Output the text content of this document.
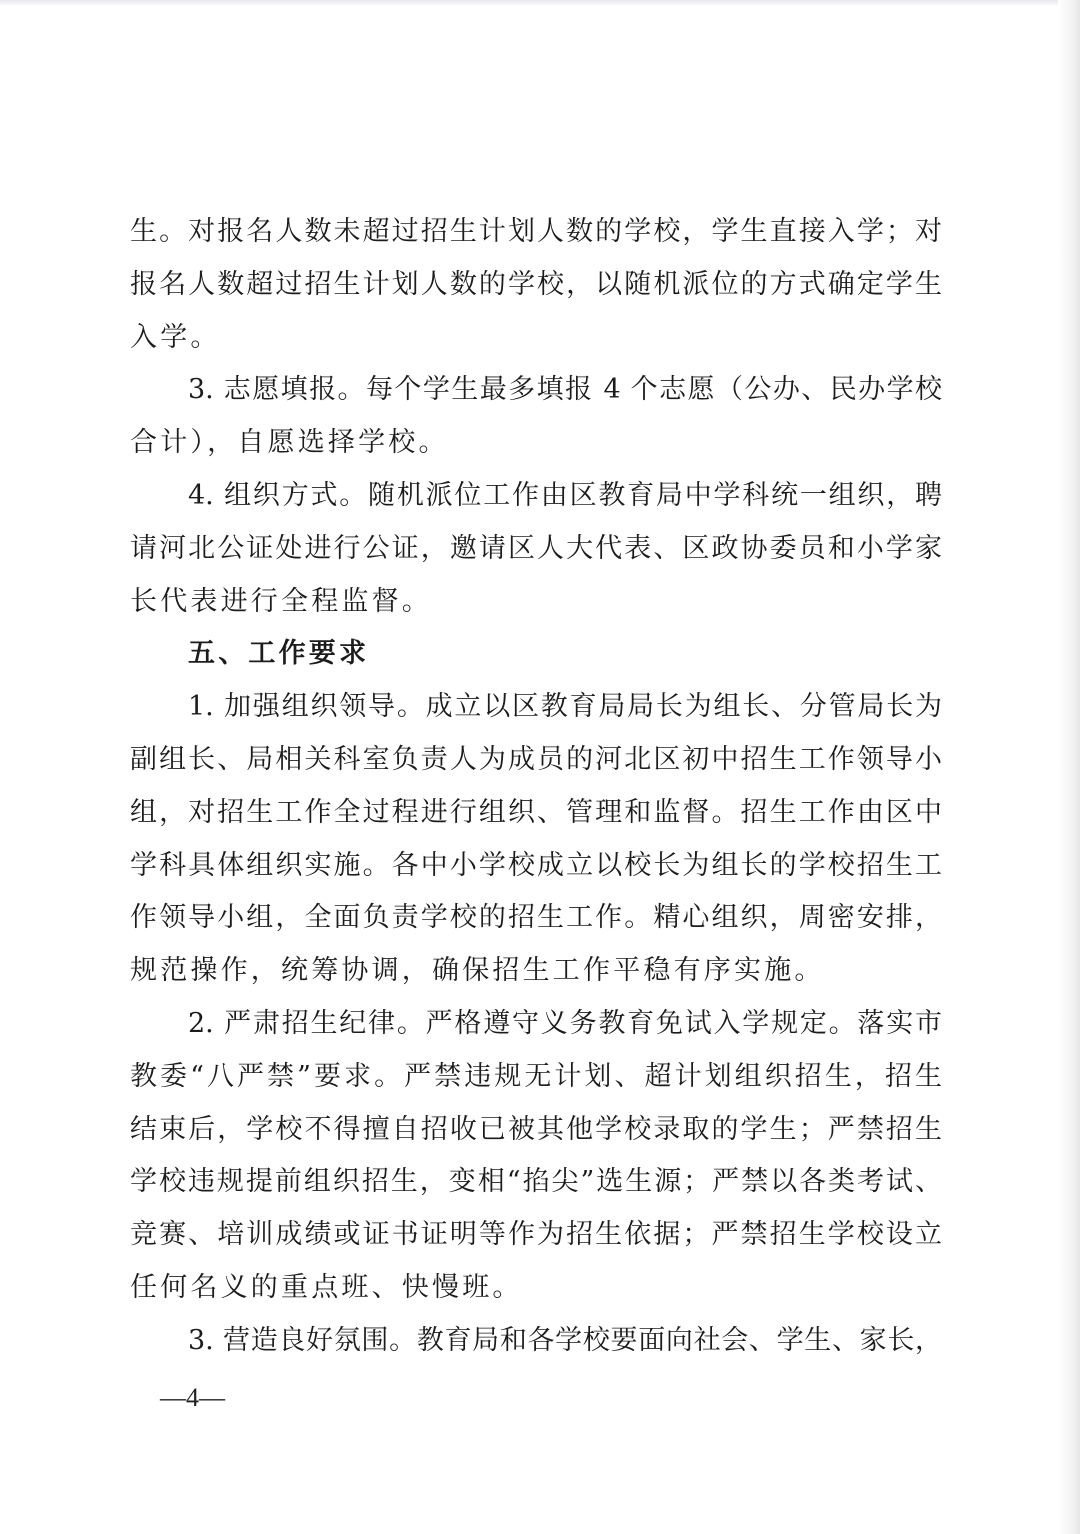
生。对报名人数未超过招生计划人数的学校，学生直接入学；对
报名人数超过招生计划人数的学校，以随机派位的方式确定学生
入学。
3. 志愿填报。每个学生最多填报 4 个志愿（公办、民办学校
合计），自愿选择学校。
4. 组织方式。随机派位工作由区教育局中学科统一组织，聘
请河北公证处进行公证，邀请区人大代表、区政协委员和小学家
长代表进行全程监督。
五、工作要求
1. 加强组织领导。成立以区教育局局长为组长、分管局长为
副组长、局相关科室负责人为成员的河北区初中招生工作领导小
组，对招生工作全过程进行组织、管理和监督。招生工作由区中
学科具体组织实施。各中小学校成立以校长为组长的学校招生工
作领导小组，全面负责学校的招生工作。精心组织，周密安排，
规范操作，统筹协调，确保招生工作平稳有序实施。
2. 严肃招生纪律。严格遵守义务教育免试入学规定。落实市
教委“八严禁”要求。严禁违规无计划、超计划组织招生，招生
结束后，学校不得擅自招收已被其他学校录取的学生；严禁招生
学校违规提前组织招生，变相“掐尖”选生源；严禁以各类考试、
竞赛、培训成绩或证书证明等作为招生依据；严禁招生学校设立
任何名义的重点班、快慢班。
3. 营造良好氛围。教育局和各学校要面向社会、学生、家长，
—4—
